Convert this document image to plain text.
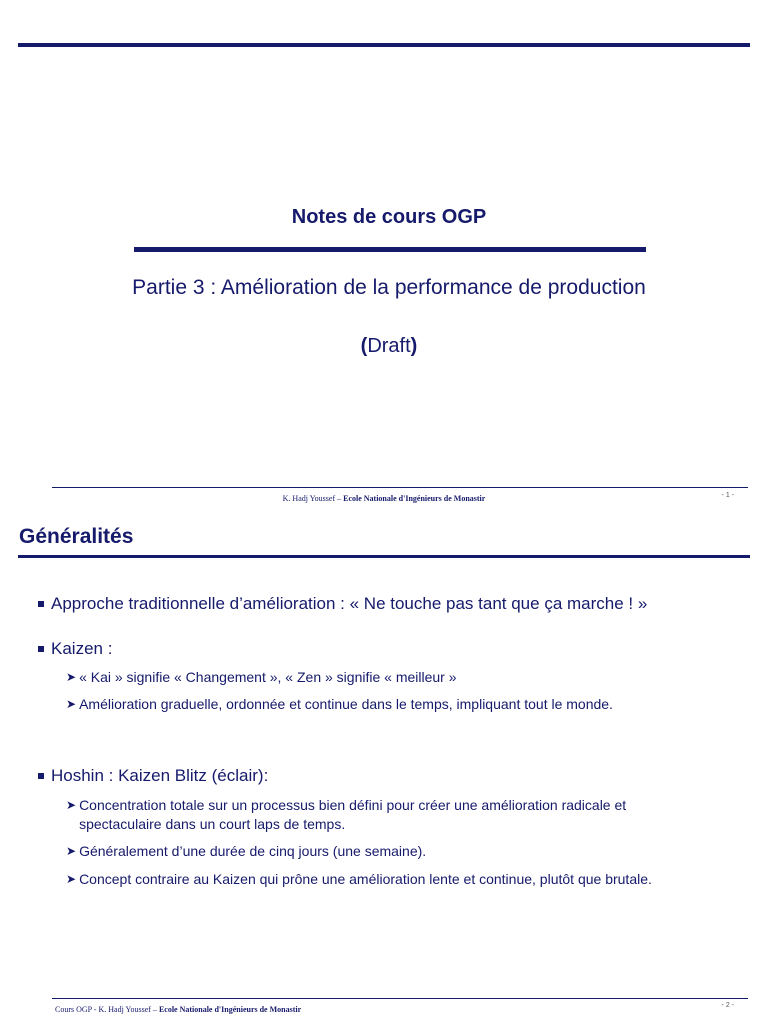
Notes de cours OGP
Partie 3 : Amélioration de la performance de production
(Draft)
K. Hadj Youssef – Ecole Nationale d'Ingénieurs de Monastir	- 1 -
Généralités
Approche traditionnelle d’amélioration : « Ne touche pas tant que ça marche ! »
Kaizen :
➤ « Kai » signifie « Changement », « Zen » signifie « meilleur »
➤ Amélioration graduelle, ordonnée et continue dans le temps, impliquant tout le monde.
Hoshin : Kaizen Blitz (éclair):
➤ Concentration totale sur un processus bien défini pour créer une amélioration radicale et spectaculaire dans un court laps de temps.
➤ Généralement d’une durée de cinq jours (une semaine).
➤ Concept contraire au Kaizen qui prône une amélioration lente et continue, plutôt que brutale.
Cours OGP - K. Hadj Youssef – Ecole Nationale d'Ingénieurs de Monastir	- 2 -
